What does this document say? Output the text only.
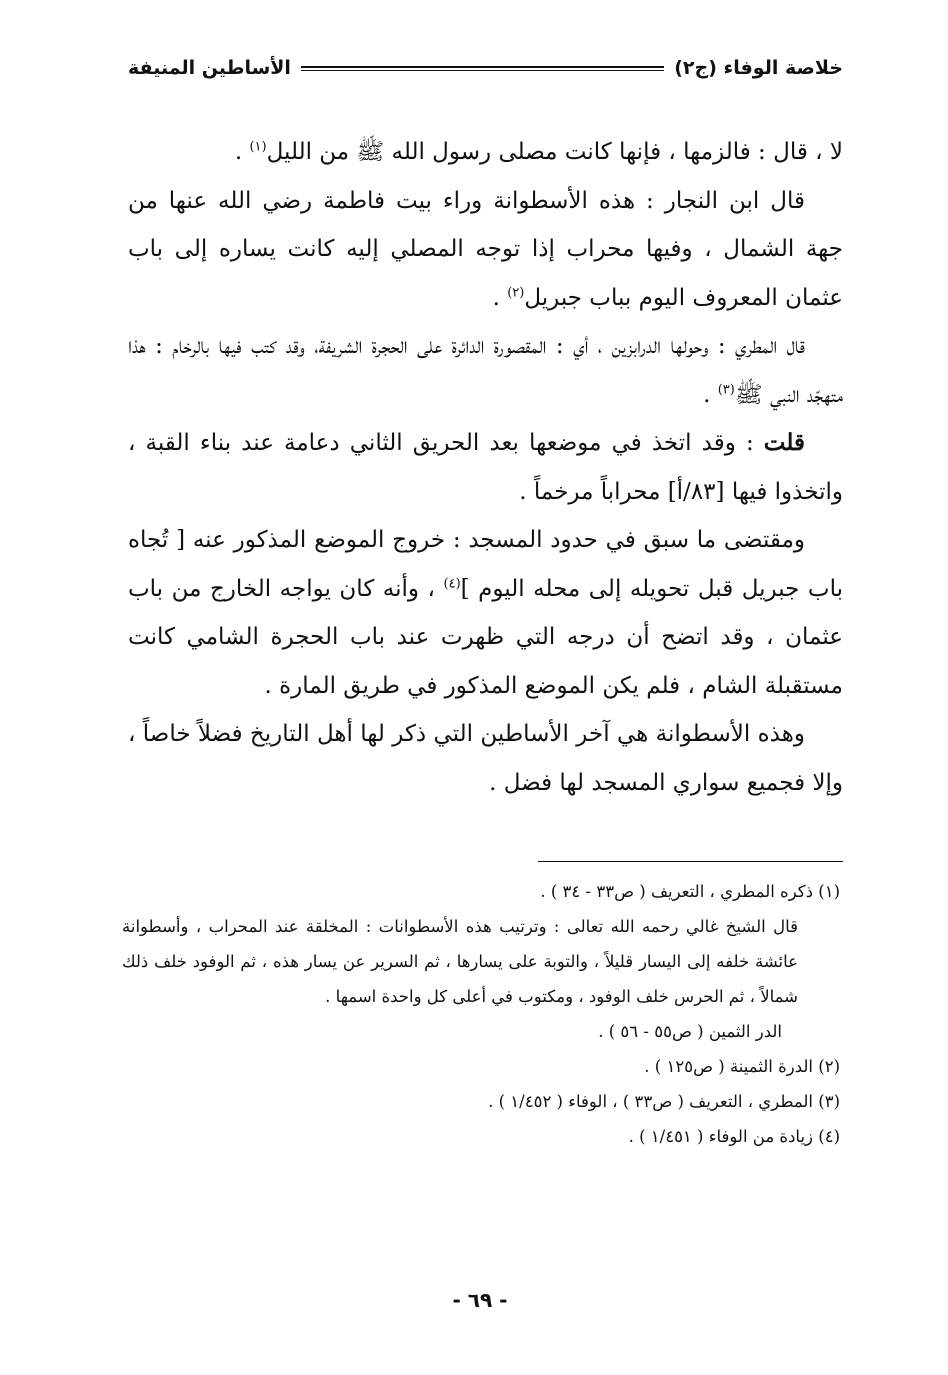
خلاصة الوفاء (ج٢)
الأساطين المنيفة

لا ، قال : فالزمها ، فإنها كانت مصلى رسول الله ﷺ من الليل$^{(١)}$ .

قال ابن النجار : هذه الأسطوانة وراء بيت فاطمة رضي الله عنها من جهة الشمال ، وفيها محراب إذا توجه المصلي إليه كانت يساره إلى باب عثمان المعروف اليوم بباب جبريل$^{(٢)}$ .

قال المطري : وحولها الدرابزين ، أي : المقصورة الدائرة على الحجرة الشريفة، وقد كتب فيها بالرخام : هذا متهجّد النبي ﷺ$^{(٣)}$ .

قلت : وقد اتخذ في موضعها بعد الحريق الثاني دعامة عند بناء القبة ، واتخذوا فيها [٨٣/أ] محراباً مرخماً .

ومقتضى ما سبق في حدود المسجد : خروج الموضع المذكور عنه [ تُجاه باب جبريل قبل تحويله إلى محله اليوم ]$^{(٤)}$ ، وأنه كان يواجه الخارج من باب عثمان ، وقد اتضح أن درجه التي ظهرت عند باب الحجرة الشامي كانت مستقبلة الشام ، فلم يكن الموضع المذكور في طريق المارة .

وهذه الأسطوانة هي آخر الأساطين التي ذكر لها أهل التاريخ فضلاً خاصاً ، وإلا فجميع سواري المسجد لها فضل .

(١) ذكره المطري ، التعريف ( ص٣٣ - ٣٤ ) .

قال الشيخ غالي رحمه الله تعالى : وترتيب هذه الأسطوانات : المخلقة عند المحراب ، وأسطوانة عائشة خلفه إلى اليسار قليلاً ، والتوبة على يسارها ، ثم السرير عن يسار هذه ، ثم الوفود خلف ذلك شمالاً ، ثم الحرس خلف الوفود ، ومكتوب في أعلى كل واحدة اسمها .

الدر الثمين ( ص٥٥ - ٥٦ ) .

(٢) الدرة الثمينة ( ص١٢٥ ) .

(٣) المطري ، التعريف ( ص٣٣ ) ، الوفاء ( ١/٤٥٢ ) .

(٤) زيادة من الوفاء ( ١/٤٥١ ) .

- ٦٩ -
